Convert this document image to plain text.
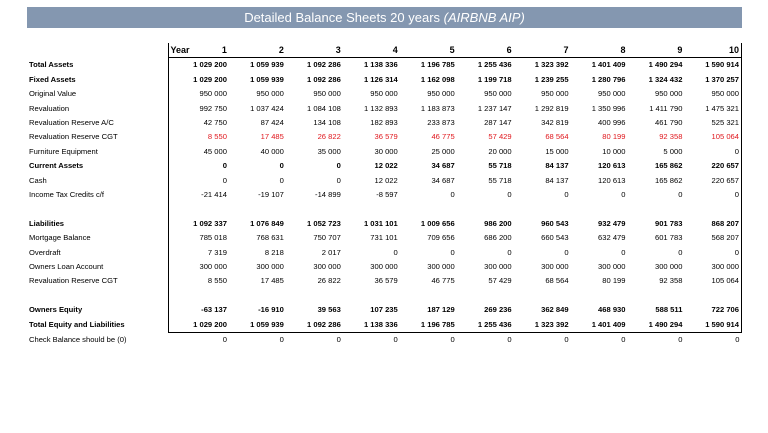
Detailed Balance Sheets 20 years (AIRBNB AIP)
	Year	1	2	3	4	5	6	7	8	9	10
Total Assets		1 029 200	1 059 939	1 092 286	1 138 336	1 196 785	1 255 436	1 323 392	1 401 409	1 490 294	1 590 914
Fixed Assets		1 029 200	1 059 939	1 092 286	1 126 314	1 162 098	1 199 718	1 239 255	1 280 796	1 324 432	1 370 257
Original Value		950 000	950 000	950 000	950 000	950 000	950 000	950 000	950 000	950 000	950 000
Revaluation		992 750	1 037 424	1 084 108	1 132 893	1 183 873	1 237 147	1 292 819	1 350 996	1 411 790	1 475 321
Revaluation Reserve A/C		42 750	87 424	134 108	182 893	233 873	287 147	342 819	400 996	461 790	525 321
Revaluation Reserve CGT		8 550	17 485	26 822	36 579	46 775	57 429	68 564	80 199	92 358	105 064
Furniture Equipment		45 000	40 000	35 000	30 000	25 000	20 000	15 000	10 000	5 000	0
Current Assets		0	0	0	12 022	34 687	55 718	84 137	120 613	165 862	220 657
Cash		0	0	0	12 022	34 687	55 718	84 137	120 613	165 862	220 657
Income Tax Credits c/f		-21 414	-19 107	-14 899	-8 597	0	0	0	0	0	0

Liabilities		1 092 337	1 076 849	1 052 723	1 031 101	1 009 656	986 200	960 543	932 479	901 783	868 207
Mortgage Balance		785 018	768 631	750 707	731 101	709 656	686 200	660 543	632 479	601 783	568 207
Overdraft		7 319	8 218	2 017	0	0	0	0	0	0	0
Owners Loan Account		300 000	300 000	300 000	300 000	300 000	300 000	300 000	300 000	300 000	300 000
Revaluation Reserve CGT		8 550	17 485	26 822	36 579	46 775	57 429	68 564	80 199	92 358	105 064

Owners Equity		-63 137	-16 910	39 563	107 235	187 129	269 236	362 849	468 930	588 511	722 706
Total Equity and Liabilities		1 029 200	1 059 939	1 092 286	1 138 336	1 196 785	1 255 436	1 323 392	1 401 409	1 490 294	1 590 914
Check Balance should be (0)		0	0	0	0	0	0	0	0	0	0
